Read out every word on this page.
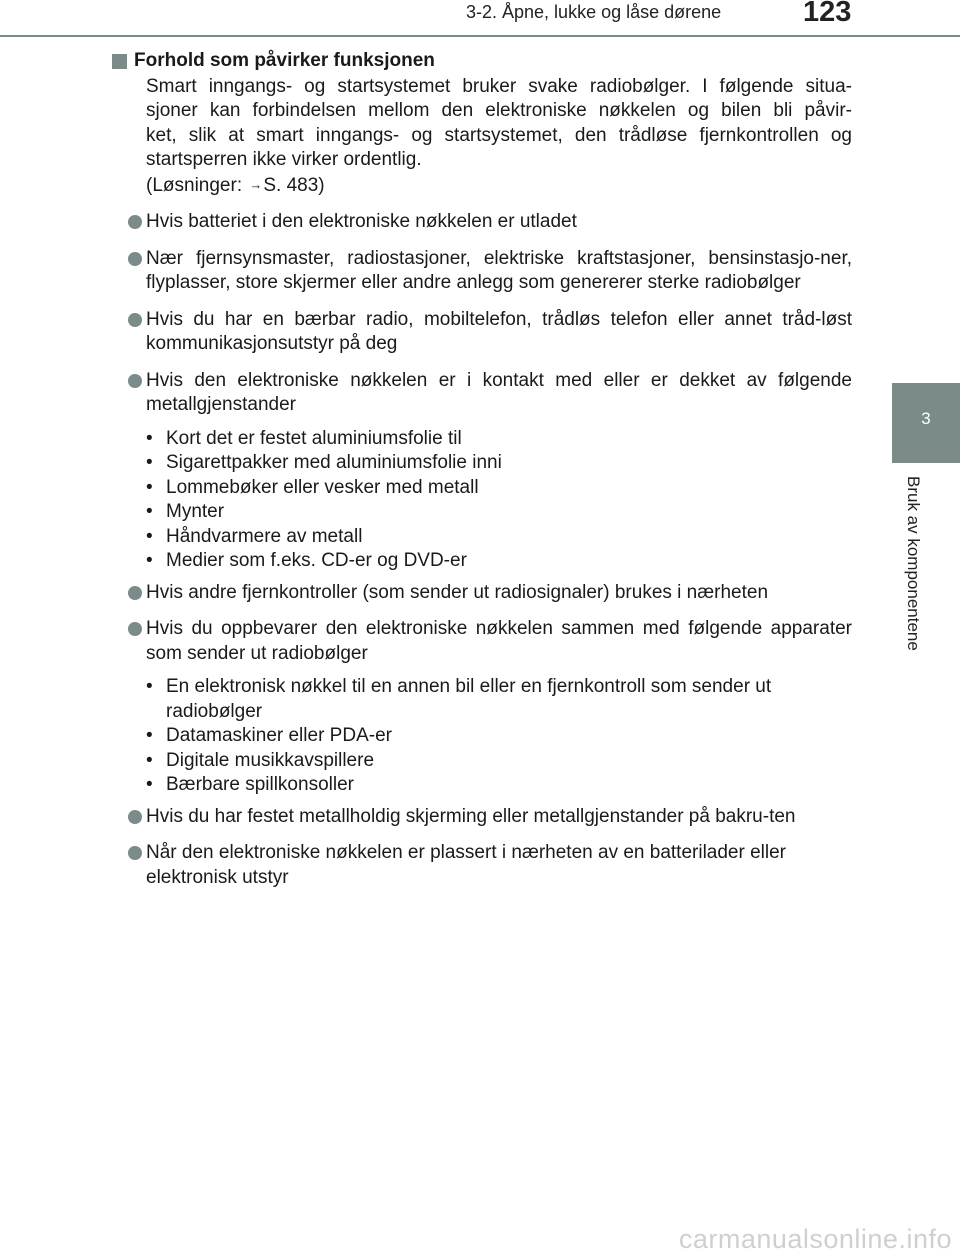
3-2. Åpne, lukke og låse dørene	123
3
Bruk av komponentene
Forhold som påvirker funksjonen
Smart inngangs- og startsystemet bruker svake radiobølger. I følgende situa-
sjoner kan forbindelsen mellom den elektroniske nøkkelen og bilen bli påvir-
ket, slik at smart inngangs- og startsystemet, den trådløse fjernkontrollen og
startsperren ikke virker ordentlig.
(Løsninger: →S. 483)
Hvis batteriet i den elektroniske nøkkelen er utladet
Nær fjernsynsmaster, radiostasjoner, elektriske kraftstasjoner, bensinstasjo-ner, flyplasser, store skjermer eller andre anlegg som genererer sterke radiobølger
Hvis du har en bærbar radio, mobiltelefon, trådløs telefon eller annet tråd-løst kommunikasjonsutstyr på deg
Hvis den elektroniske nøkkelen er i kontakt med eller er dekket av følgende metallgjenstander
• Kort det er festet aluminiumsfolie til
• Sigarettpakker med aluminiumsfolie inni
• Lommebøker eller vesker med metall
• Mynter
• Håndvarmere av metall
• Medier som f.eks. CD-er og DVD-er
Hvis andre fjernkontroller (som sender ut radiosignaler) brukes i nærheten
Hvis du oppbevarer den elektroniske nøkkelen sammen med følgende apparater som sender ut radiobølger
• En elektronisk nøkkel til en annen bil eller en fjernkontroll som sender ut radiobølger
• Datamaskiner eller PDA-er
• Digitale musikkavspillere
• Bærbare spillkonsoller
Hvis du har festet metallholdig skjerming eller metallgjenstander på bakru-ten
Når den elektroniske nøkkelen er plassert i nærheten av en batterilader eller elektronisk utstyr
carmanualsonline.info
